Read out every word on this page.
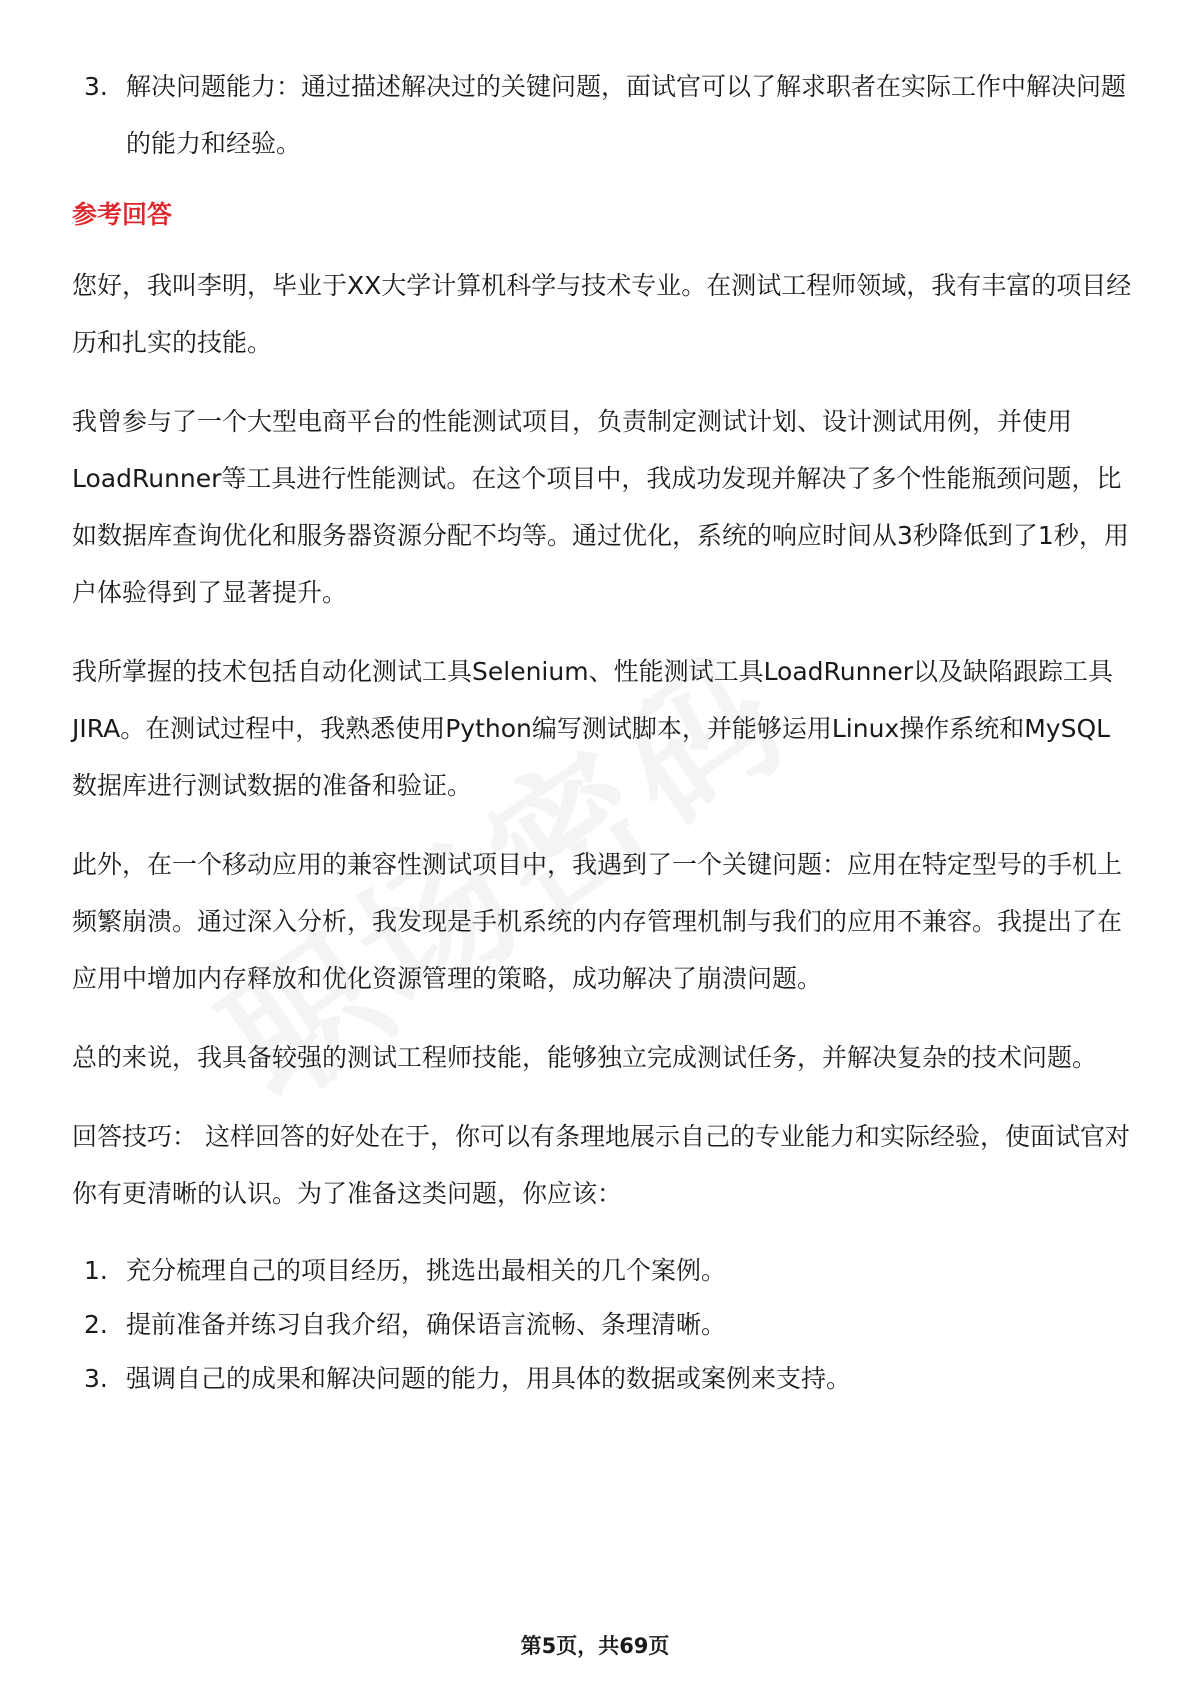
3. 解决问题能力：通过描述解决过的关键问题，面试官可以了解求职者在实际工作中解决问题的能力和经验。
参考回答

您好，我叫李明，毕业于XX大学计算机科学与技术专业。在测试工程师领域，我有丰富的项目经历和扎实的技能。

我曾参与了一个大型电商平台的性能测试项目，负责制定测试计划、设计测试用例，并使用LoadRunner等工具进行性能测试。在这个项目中，我成功发现并解决了多个性能瓶颈问题，比如数据库查询优化和服务器资源分配不均等。通过优化，系统的响应时间从3秒降低到了1秒，用户体验得到了显著提升。

我所掌握的技术包括自动化测试工具Selenium、性能测试工具LoadRunner以及缺陷跟踪工具JIRA。在测试过程中，我熟悉使用Python编写测试脚本，并能够运用Linux操作系统和MySQL数据库进行测试数据的准备和验证。

此外，在一个移动应用的兼容性测试项目中，我遇到了一个关键问题：应用在特定型号的手机上频繁崩溃。通过深入分析，我发现是手机系统的内存管理机制与我们的应用不兼容。我提出了在应用中增加内存释放和优化资源管理的策略，成功解决了崩溃问题。

总的来说，我具备较强的测试工程师技能，能够独立完成测试任务，并解决复杂的技术问题。

回答技巧： 这样回答的好处在于，你可以有条理地展示自己的专业能力和实际经验，使面试官对你有更清晰的认识。为了准备这类问题，你应该：

1. 充分梳理自己的项目经历，挑选出最相关的几个案例。
2. 提前准备并练习自我介绍，确保语言流畅、条理清晰。
3. 强调自己的成果和解决问题的能力，用具体的数据或案例来支持。
第5页，共69页
